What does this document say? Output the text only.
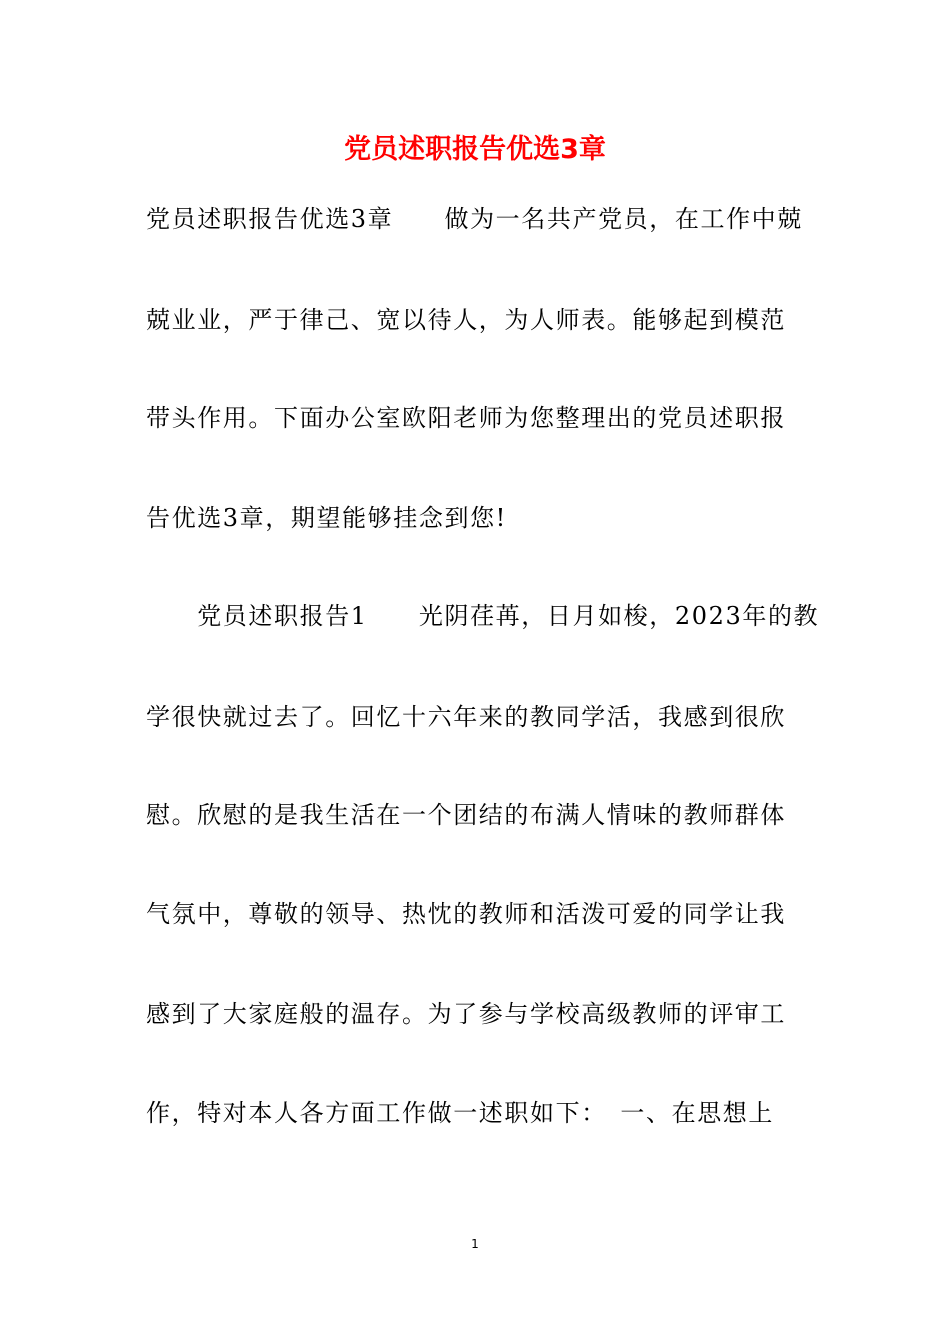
党员述职报告优选3章
党员述职报告优选3章　　做为一名共产党员，在工作中兢
兢业业，严于律己、宽以待人，为人师表。能够起到模范
带头作用。下面办公室欧阳老师为您整理出的党员述职报
告优选3章，期望能够挂念到您!
　　党员述职报告1　　光阴荏苒，日月如梭，2023年的教
学很快就过去了。回忆十六年来的教同学活，我感到很欣
慰。欣慰的是我生活在一个团结的布满人情味的教师群体
气氛中，尊敬的领导、热忱的教师和活泼可爱的同学让我
感到了大家庭般的温存。为了参与学校高级教师的评审工
作，特对本人各方面工作做一述职如下：　一、在思想上
1
